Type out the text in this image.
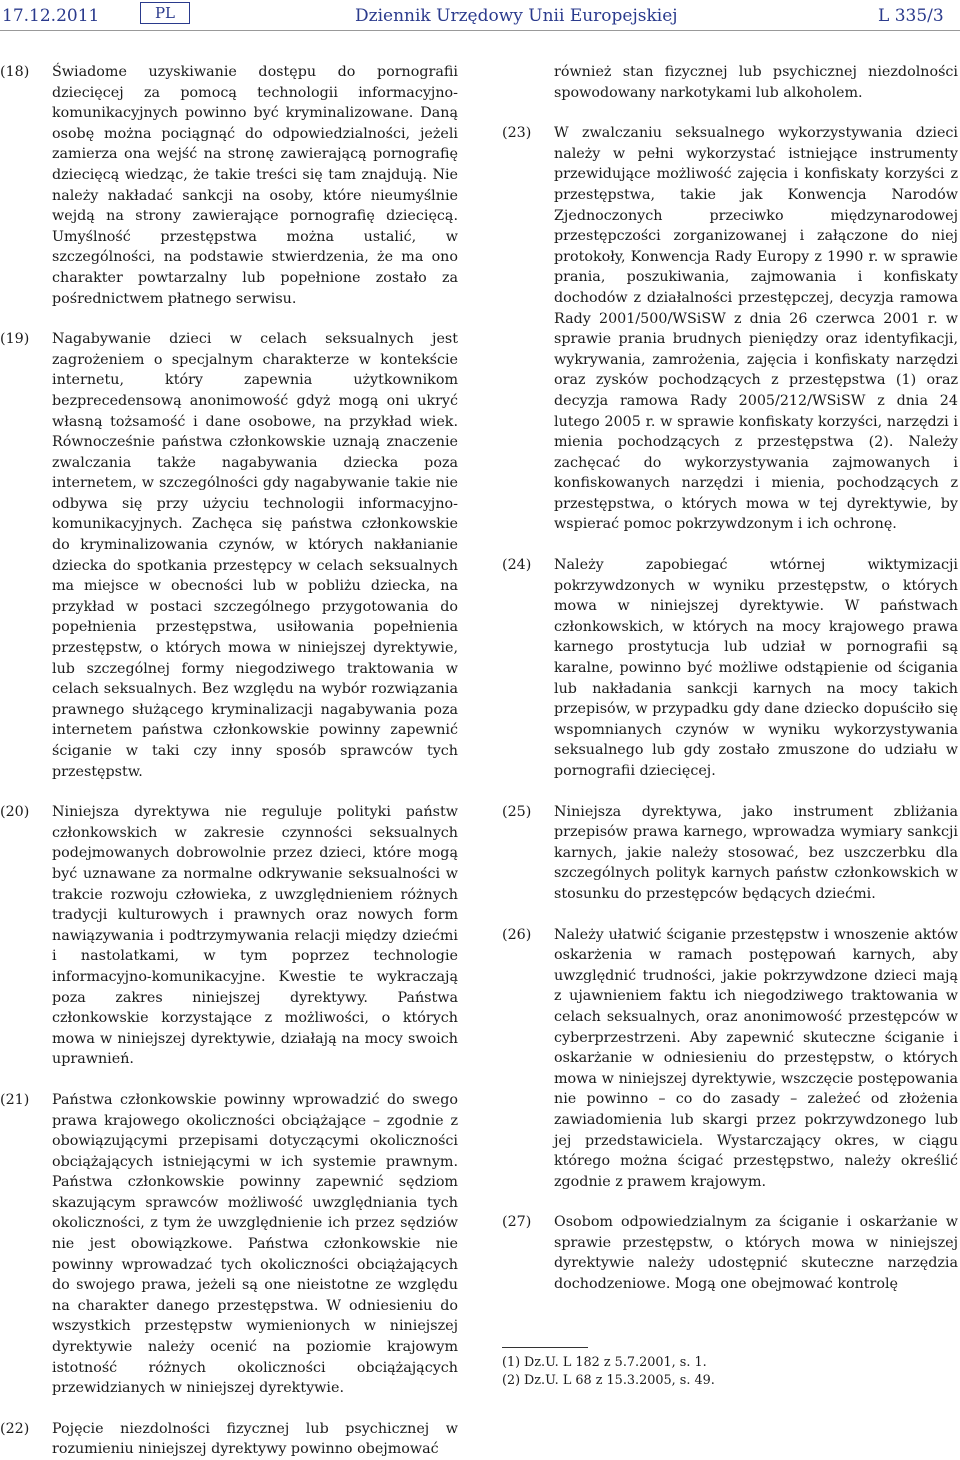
17.12.2011	PL	Dziennik Urzędowy Unii Europejskiej	L 335/3
(18) Świadome uzyskiwanie dostępu do pornografii dziecięcej za pomocą technologii informacyjno- komunikacyjnych powinno być kryminalizowane. Daną osobę można pociągnąć do odpowiedzialności, jeżeli zamierza ona wejść na stronę zawierającą pornografię dziecięcą wiedząc, że takie treści się tam znajdują. Nie należy nakładać sankcji na osoby, które nieumyślnie wejdą na strony zawierające pornografię dziecięcą. Umyślność przestępstwa można ustalić, w szczególności, na podstawie stwierdzenia, że ma ono charakter powtarzalny lub popełnione zostało za pośrednictwem płatnego serwisu.

(19) Nagabywanie dzieci w celach seksualnych jest zagrożeniem o specjalnym charakterze w kontekście internetu, który zapewnia użytkownikom bezprecedensową anonimowość gdyż mogą oni ukryć własną tożsamość i dane osobowe, na przykład wiek. Równocześnie państwa członkowskie uznają znaczenie zwalczania także nagabywania dziecka poza internetem, w szczególności gdy nagabywanie takie nie odbywa się przy użyciu technologii informacyjno-komunikacyjnych. Zachęca się państwa członkowskie do kryminalizowania czynów, w których nakłanianie dziecka do spotkania przestępcy w celach seksualnych ma miejsce w obecności lub w pobliżu dziecka, na przykład w postaci szczególnego przygotowania do popełnienia przestępstwa, usiłowania popełnienia przestępstw, o których mowa w niniejszej dyrektywie, lub szczególnej formy niegodziwego traktowania w celach seksualnych. Bez względu na wybór rozwiązania prawnego służącego kryminalizacji nagabywania poza internetem państwa członkowskie powinny zapewnić ściganie w taki czy inny sposób sprawców tych przestępstw.

(20) Niniejsza dyrektywa nie reguluje polityki państw członkowskich w zakresie czynności seksualnych podejmowanych dobrowolnie przez dzieci, które mogą być uznawane za normalne odkrywanie seksualności w trakcie rozwoju człowieka, z uwzględnieniem różnych tradycji kulturowych i prawnych oraz nowych form nawiązywania i podtrzymywania relacji między dziećmi i nastolatkami, w tym poprzez technologie informacyjno-komunikacyjne. Kwestie te wykraczają poza zakres niniejszej dyrektywy. Państwa członkowskie korzystające z możliwości, o których mowa w niniejszej dyrektywie, działają na mocy swoich uprawnień.

(21) Państwa członkowskie powinny wprowadzić do swego prawa krajowego okoliczności obciążające – zgodnie z obowiązującymi przepisami dotyczącymi okoliczności obciążających istniejącymi w ich systemie prawnym. Państwa członkowskie powinny zapewnić sędziom skazującym sprawców możliwość uwzględniania tych okoliczności, z tym że uwzględnienie ich przez sędziów nie jest obowiązkowe. Państwa członkowskie nie powinny wprowadzać tych okoliczności obciążających do swojego prawa, jeżeli są one nieistotne ze względu na charakter danego przestępstwa. W odniesieniu do wszystkich przestępstw wymienionych w niniejszej dyrektywie należy ocenić na poziomie krajowym istotność różnych okoliczności obciążających przewidzianych w niniejszej dyrektywie.

(22) Pojęcie niezdolności fizycznej lub psychicznej w rozumieniu niniejszej dyrektywy powinno obejmować

również stan fizycznej lub psychicznej niezdolności spowodowany narkotykami lub alkoholem.

(23) W zwalczaniu seksualnego wykorzystywania dzieci należy w pełni wykorzystać istniejące instrumenty przewidujące możliwość zajęcia i konfiskaty korzyści z przestępstwa, takie jak Konwencja Narodów Zjednoczonych przeciwko międzynarodowej przestępczości zorganizowanej i załączone do niej protokoły, Konwencja Rady Europy z 1990 r. w sprawie prania, poszukiwania, zajmowania i konfiskaty dochodów z działalności przestępczej, decyzja ramowa Rady 2001/500/WSiSW z dnia 26 czerwca 2001 r. w sprawie prania brudnych pieniędzy oraz identyfikacji, wykrywania, zamrożenia, zajęcia i konfiskaty narzędzi oraz zysków pochodzących z przestępstwa (1) oraz decyzja ramowa Rady 2005/212/WSiSW z dnia 24 lutego 2005 r. w sprawie konfiskaty korzyści, narzędzi i mienia pochodzących z przestępstwa (2). Należy zachęcać do wykorzystywania zajmowanych i konfiskowanych narzędzi i mienia, pochodzących z przestępstwa, o których mowa w tej dyrektywie, by wspierać pomoc pokrzywdzonym i ich ochronę.

(24) Należy zapobiegać wtórnej wiktymizacji pokrzywdzonych w wyniku przestępstw, o których mowa w niniejszej dyrektywie. W państwach członkowskich, w których na mocy krajowego prawa karnego prostytucja lub udział w pornografii są karalne, powinno być możliwe odstąpienie od ścigania lub nakładania sankcji karnych na mocy takich przepisów, w przypadku gdy dane dziecko dopuściło się wspomnianych czynów w wyniku wykorzystywania seksualnego lub gdy zostało zmuszone do udziału w pornografii dziecięcej.

(25) Niniejsza dyrektywa, jako instrument zbliżania przepisów prawa karnego, wprowadza wymiary sankcji karnych, jakie należy stosować, bez uszczerbku dla szczególnych polityk karnych państw członkowskich w stosunku do przestępców będących dziećmi.

(26) Należy ułatwić ściganie przestępstw i wnoszenie aktów oskarżenia w ramach postępowań karnych, aby uwzględnić trudności, jakie pokrzywdzone dzieci mają z ujawnieniem faktu ich niegodziwego traktowania w celach seksualnych, oraz anonimowość przestępców w cyberprzestrzeni. Aby zapewnić skuteczne ściganie i oskarżanie w odniesieniu do przestępstw, o których mowa w niniejszej dyrektywie, wszczęcie postępowania nie powinno – co do zasady – zależeć od złożenia zawiadomienia lub skargi przez pokrzywdzonego lub jej przedstawiciela. Wystarczający okres, w ciągu którego można ścigać przestępstwo, należy określić zgodnie z prawem krajowym.

(27) Osobom odpowiedzialnym za ściganie i oskarżanie w sprawie przestępstw, o których mowa w niniejszej dyrektywie należy udostępnić skuteczne narzędzia dochodzeniowe. Mogą one obejmować kontrolę

(1) Dz.U. L 182 z 5.7.2001, s. 1.
(2) Dz.U. L 68 z 15.3.2005, s. 49.
